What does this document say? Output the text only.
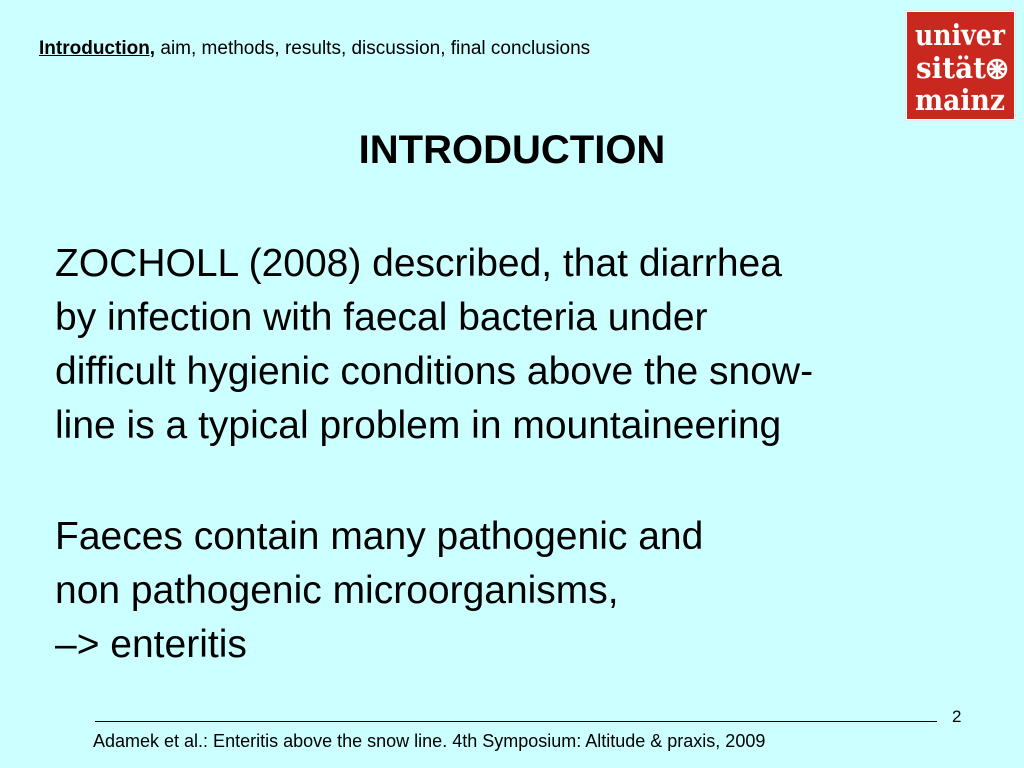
Introduction, aim, methods, results, discussion, final conclusions	univer
sität
mainz
INTRODUCTION
ZOCHOLL (2008) described, that diarrhea
by infection with faecal bacteria under
difficult hygienic conditions above the snow-
line is a typical problem in mountaineering
Faeces contain many pathogenic and
non pathogenic microorganisms,
–> enteritis
2
Adamek et al.: Enteritis above the snow line. 4th Symposium: Altitude & praxis, 2009
